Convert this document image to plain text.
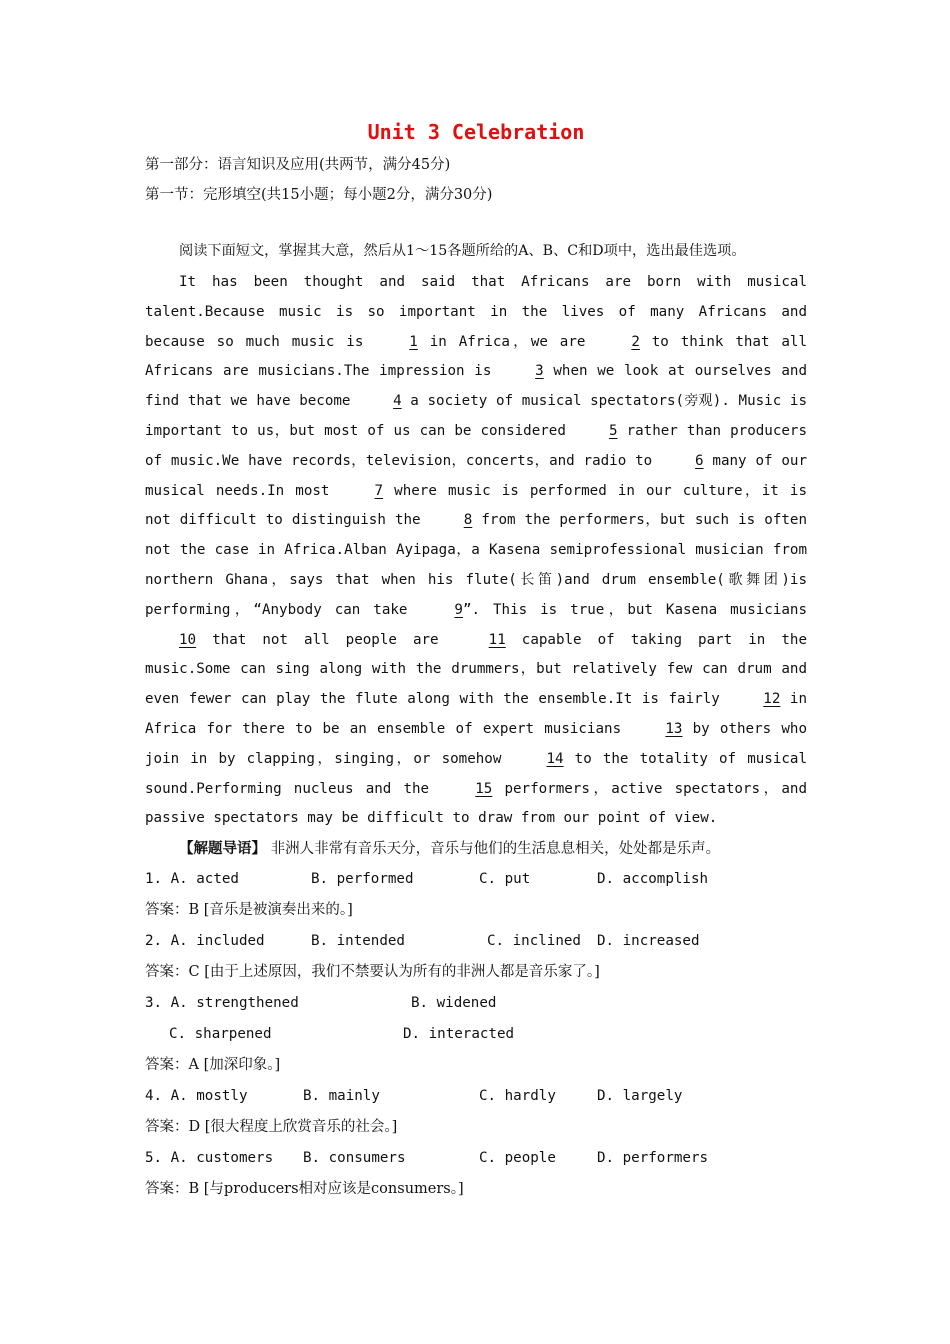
Unit 3 Celebration
第一部分：语言知识及应用(共两节，满分45分)
第一节：完形填空(共15小题；每小题2分，满分30分)

阅读下面短文，掌握其大意，然后从1～15各题所给的A、B、C和D项中，选出最佳选项。

It has been thought and said that Africans are born with musical talent.Because music is so important in the lives of many Africans and because so much music is 1 in Africa，we are 2 to think that all Africans are musicians.The impression is 3 when we look at ourselves and find that we have become 4 a society of musical spectators(旁观). Music is important to us，but most of us can be considered 5 rather than producers of music.We have records，television，concerts，and radio to 6 many of our musical needs.In most 7 where music is performed in our culture，it is not difficult to distinguish the 8 from the performers，but such is often not the case in Africa.Alban Ayipaga，a Kasena semiprofessional musician from northern Ghana，says that when his flute(长笛)and drum ensemble(歌舞团)is performing，“Anybody can take 9”. This is true，but Kasena musicians 10 that not all people are 11 capable of taking part in the music.Some can sing along with the drummers，but relatively few can drum and even fewer can play the flute along with the ensemble.It is fairly 12 in Africa for there to be an ensemble of expert musicians 13 by others who join in by clapping，singing，or somehow 14 to the totality of musical sound.Performing nucleus and the 15 performers，active spectators，and passive spectators may be difficult to draw from our point of view.

【解题导语】 非洲人非常有音乐天分，音乐与他们的生活息息相关，处处都是乐声。
1. A. acted	B. performed	C. put	D. accomplish
答案：B [音乐是被演奏出来的。]
2. A. included	B. intended	C. inclined	D. increased
答案：C [由于上述原因，我们不禁要认为所有的非洲人都是音乐家了。]
3. A. strengthened	B. widened
C. sharpened	D. interacted
答案：A [加深印象。]
4. A. mostly	B. mainly	C. hardly	D. largely
答案：D [很大程度上欣赏音乐的社会。]
5. A. customers	B. consumers	C. people	D. performers
答案：B [与producers相对应该是consumers。]
